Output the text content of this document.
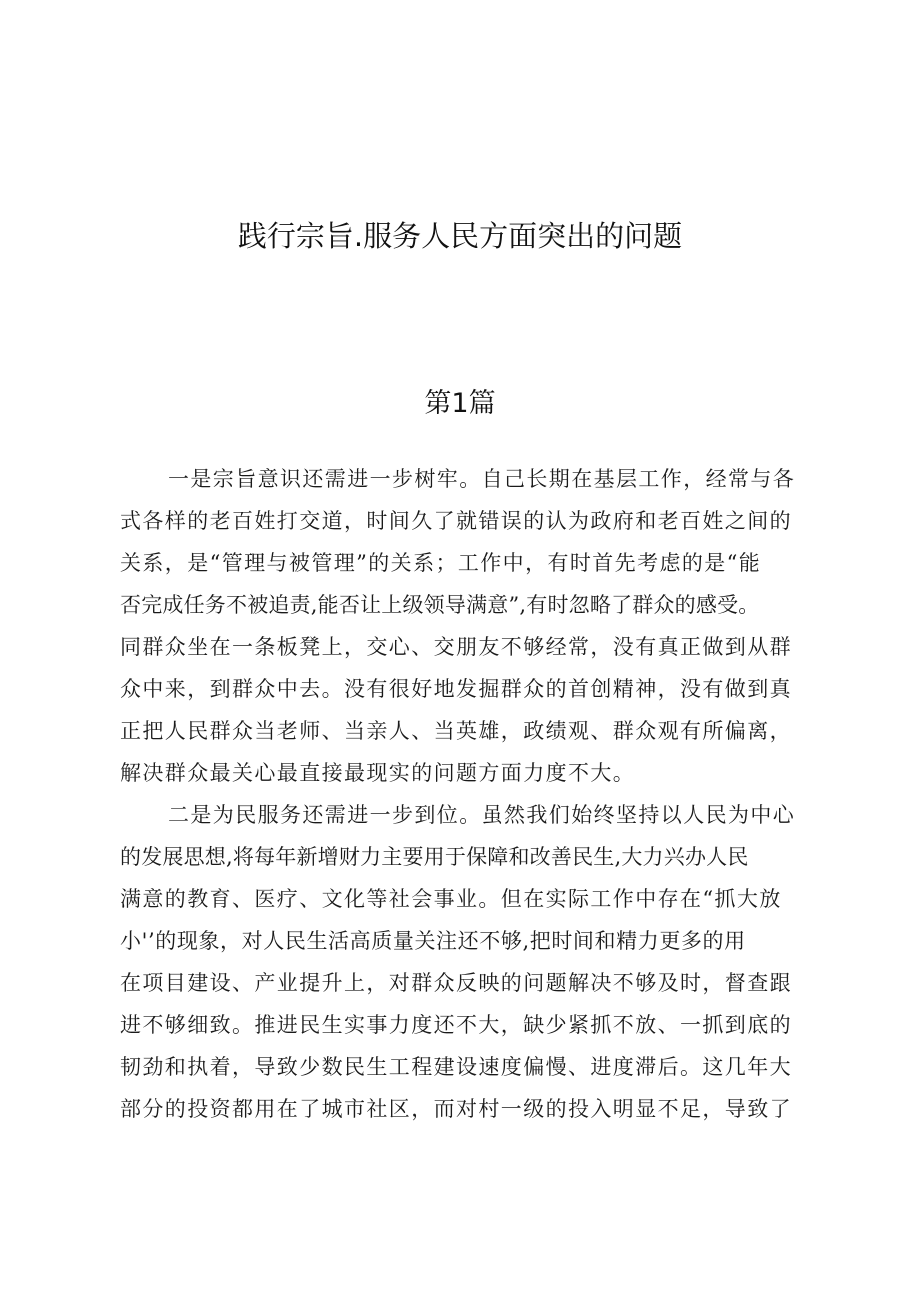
践行宗旨.服务人民方面突出的问题
第1篇
一是宗旨意识还需进一步树牢。自己长期在基层工作，经常与各
式各样的老百姓打交道，时间久了就错误的认为政府和老百姓之间的
关系，是“管理与被管理”的关系；工作中，有时首先考虑的是“能
否完成任务不被追责,能否让上级领导满意”,有时忽略了群众的感受。
同群众坐在一条板凳上，交心、交朋友不够经常，没有真正做到从群
众中来，到群众中去。没有很好地发掘群众的首创精神，没有做到真
正把人民群众当老师、当亲人、当英雄，政绩观、群众观有所偏离，
解决群众最关心最直接最现实的问题方面力度不大。
二是为民服务还需进一步到位。虽然我们始终坚持以人民为中心
的发展思想,将每年新增财力主要用于保障和改善民生,大力兴办人民
满意的教育、医疗、文化等社会事业。但在实际工作中存在“抓大放
小'’的现象，对人民生活高质量关注还不够,把时间和精力更多的用
在项目建设、产业提升上，对群众反映的问题解决不够及时，督查跟
进不够细致。推进民生实事力度还不大，缺少紧抓不放、一抓到底的
韧劲和执着，导致少数民生工程建设速度偏慢、进度滞后。这几年大
部分的投资都用在了城市社区，而对村一级的投入明显不足，导致了
